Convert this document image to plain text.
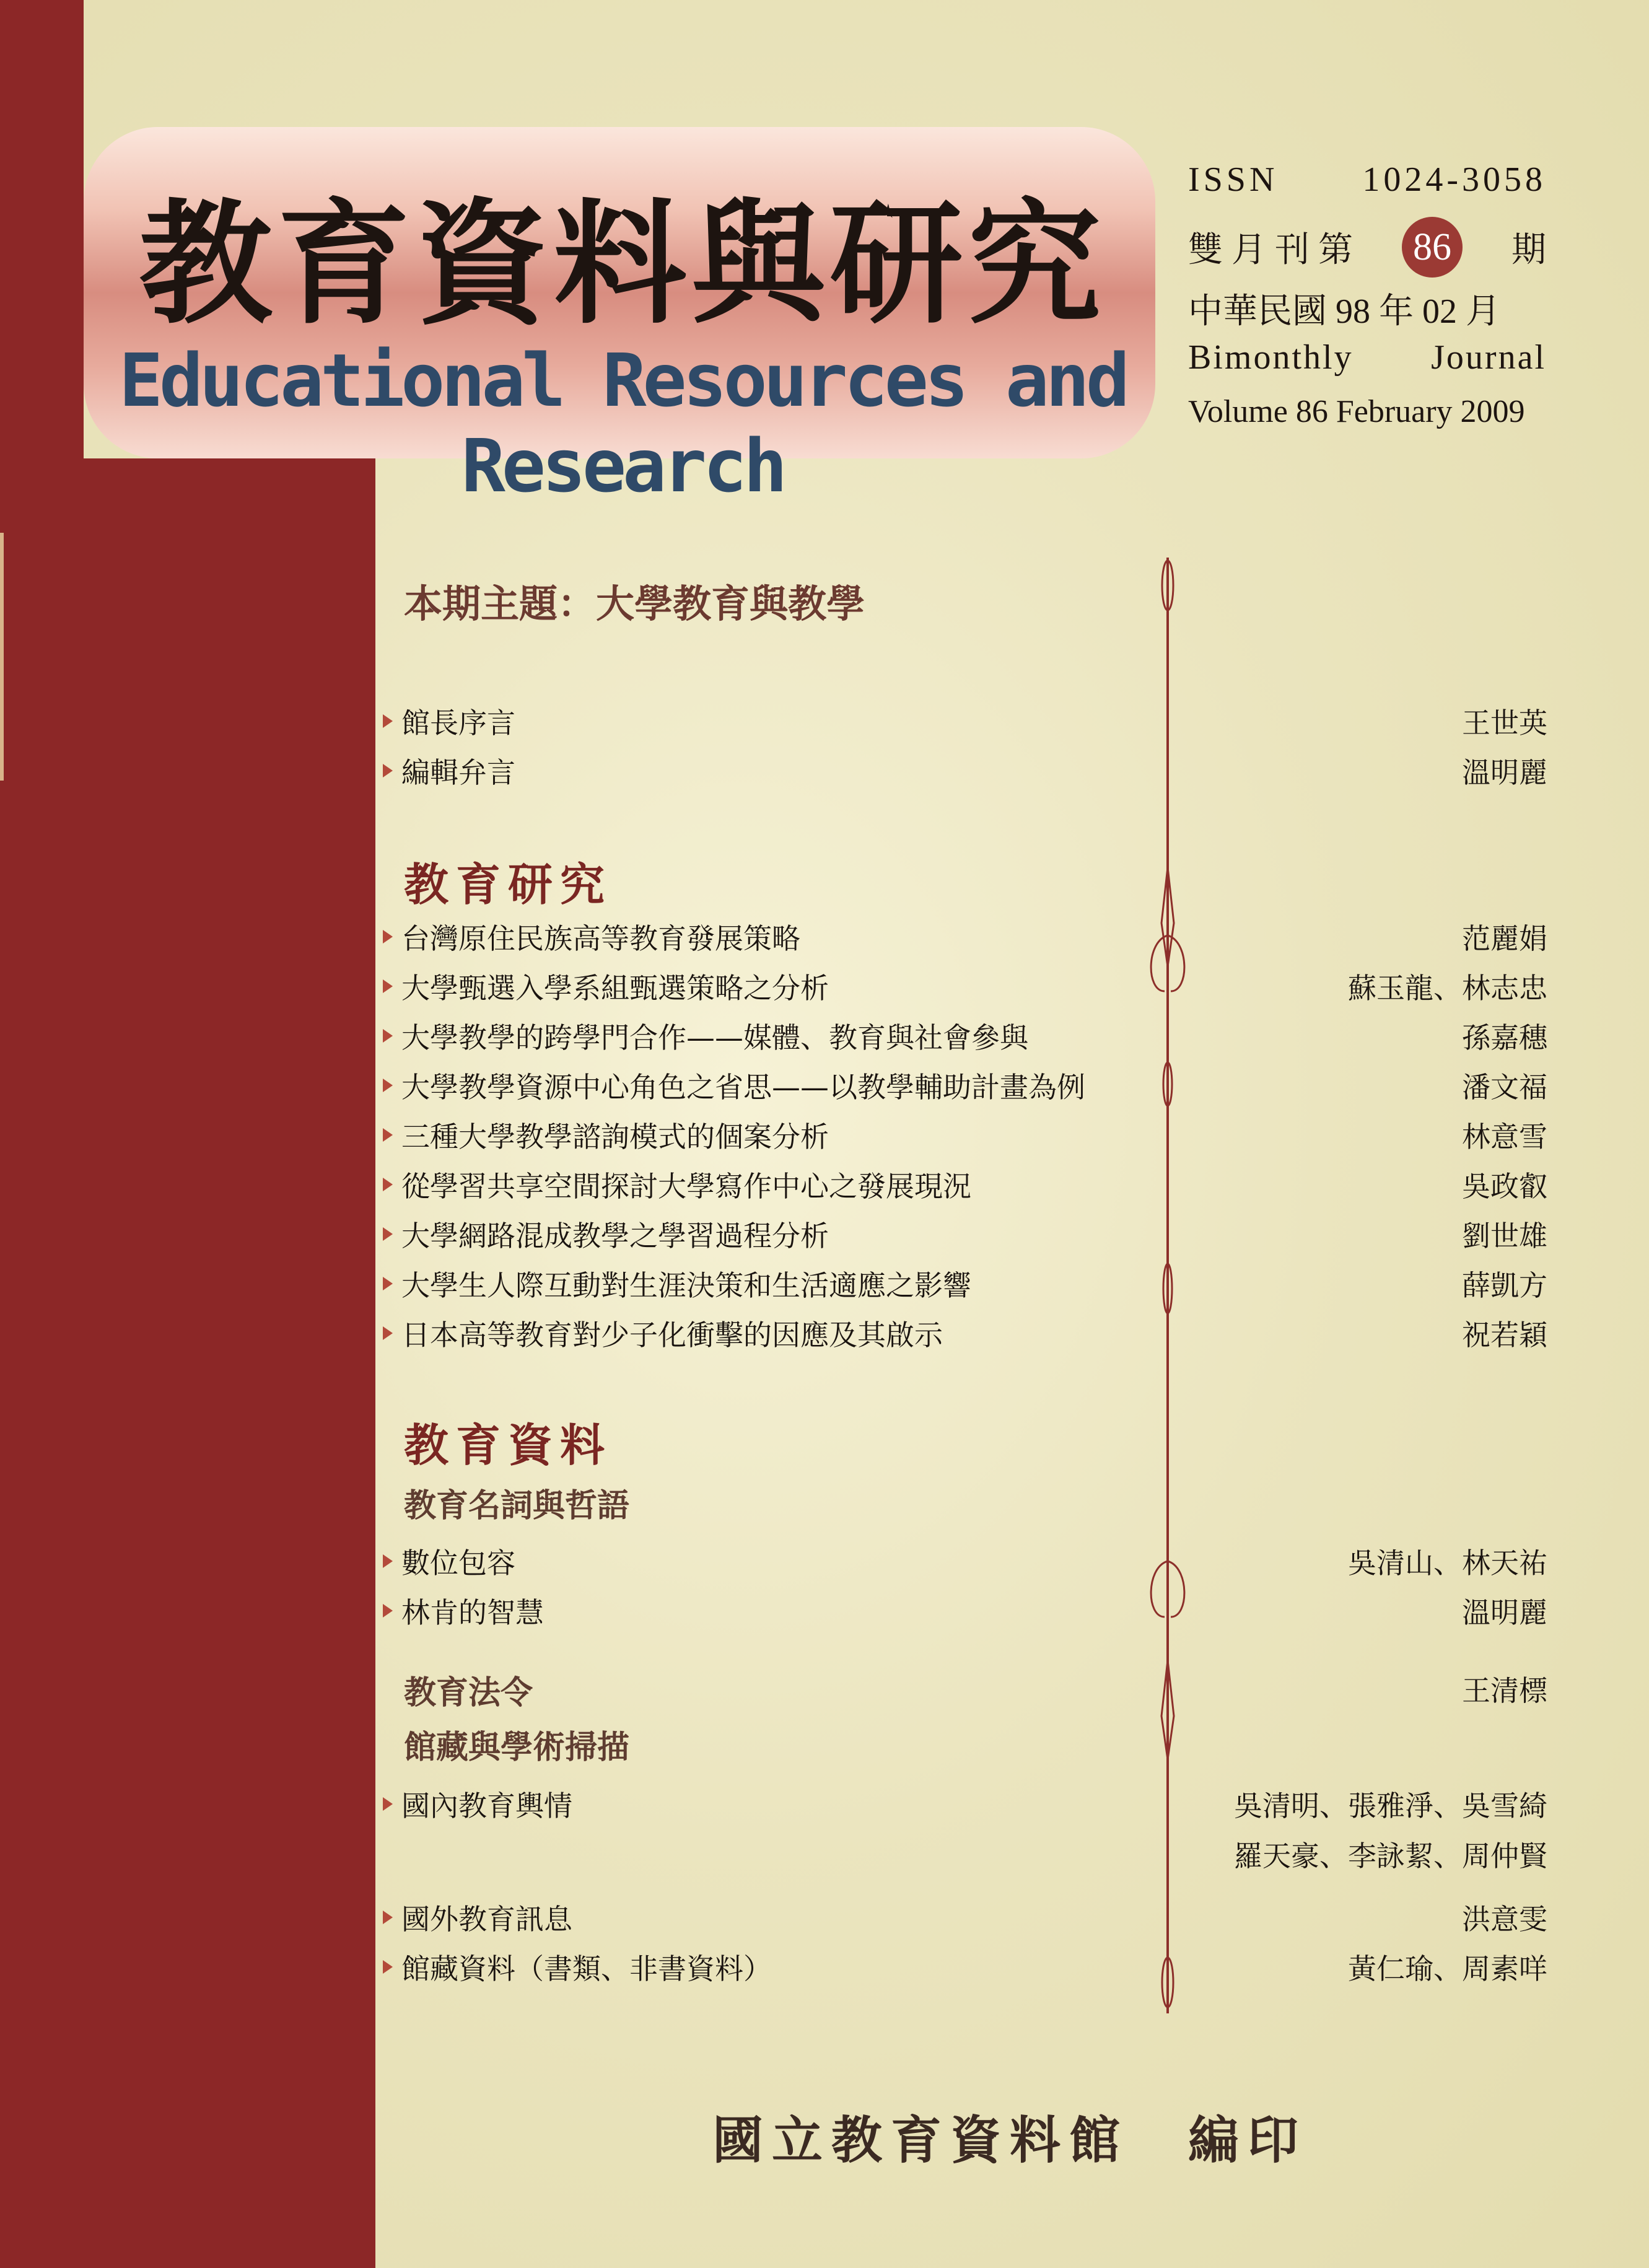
教育資料與研究
Educational Resources and Research
ISSN 1024-3058
雙 月 刊 第 86	期
中華民國 98 年 02 月
Bimonthly Journal
Volume 86 February 2009
本期主題：大學教育與教學
館長序言	王世英
編輯弁言	溫明麗
教育研究
台灣原住民族高等教育發展策略	范麗娟
大學甄選入學系組甄選策略之分析	蘇玉龍、林志忠
大學教學的跨學門合作——媒體、教育與社會參與	孫嘉穗
大學教學資源中心角色之省思——以教學輔助計畫為例	潘文福
三種大學教學諮詢模式的個案分析	林意雪
從學習共享空間探討大學寫作中心之發展現況	吳政叡
大學網路混成教學之學習過程分析	劉世雄
大學生人際互動對生涯決策和生活適應之影響	薛凱方
日本高等教育對少子化衝擊的因應及其啟示	祝若穎
教育資料
教育名詞與哲語
數位包容	吳清山、林天祐
林肯的智慧	溫明麗
教育法令	王清標
館藏與學術掃描
國內教育輿情	吳清明、張雅淨、吳雪綺
羅天豪、李詠絜、周仲賢
國外教育訊息	洪意雯
館藏資料（書類、非書資料）	黃仁瑜、周素咩
國立教育資料館　編印
